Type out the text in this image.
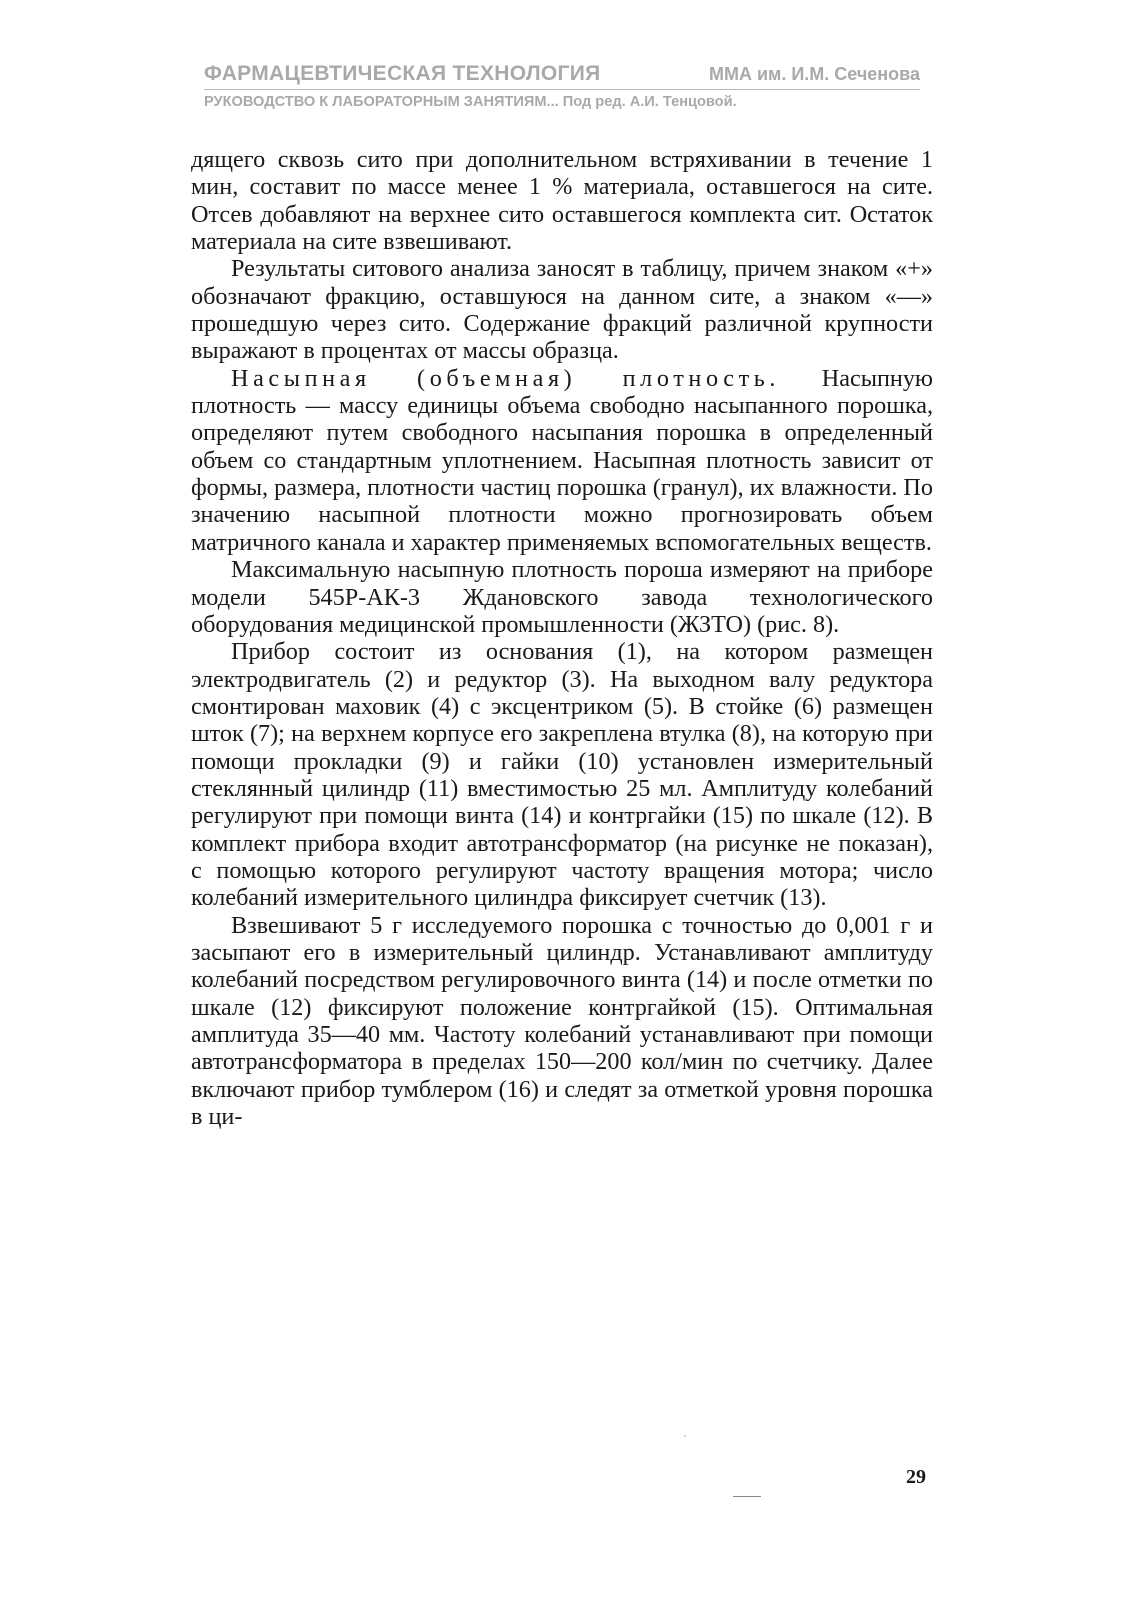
ФАРМАЦЕВТИЧЕСКАЯ ТЕХНОЛОГИЯ	ММА им. И.М. Сеченова
РУКОВОДСТВО К ЛАБОРАТОРНЫМ ЗАНЯТИЯМ... Под ред. А.И. Тенцовой.

дящего сквозь сито при дополнительном встряхивании в течение 1 мин, составит по массе менее 1 % материала, оставшегося на сите. Отсев добавляют на верхнее сито оставшегося комплекта сит. Остаток материала на сите взвешивают.

Результаты ситового анализа заносят в таблицу, причем знаком «+» обозначают фракцию, оставшуюся на данном сите, а знаком «—» прошедшую через сито. Содержание фракций различной крупности выражают в процентах от массы образца.

Насыпная (объемная) плотность. Насыпную плотность — массу единицы объема свободно насыпанного порошка, определяют путем свободного насыпания порошка в определенный объем со стандартным уплотнением. Насыпная плотность зависит от формы, размера, плотности частиц порошка (гранул), их влажности. По значению насыпной плотности можно прогнозировать объем матричного канала и характер применяемых вспомогательных веществ.

Максимальную насыпную плотность пороша измеряют на приборе модели 545Р-АК-3 Ждановского завода технологического оборудования медицинской промышленности (ЖЗТО) (рис. 8).

Прибор состоит из основания (1), на котором размещен электродвигатель (2) и редуктор (3). На выходном валу редуктора смонтирован маховик (4) с эксцентриком (5). В стойке (6) размещен шток (7); на верхнем корпусе его закреплена втулка (8), на которую при помощи прокладки (9) и гайки (10) установлен измерительный стеклянный цилиндр (11) вместимостью 25 мл. Амплитуду колебаний регулируют при помощи винта (14) и контргайки (15) по шкале (12). В комплект прибора входит автотрансформатор (на рисунке не показан), с помощью которого регулируют частоту вращения мотора; число колебаний измерительного цилиндра фиксирует счетчик (13).

Взвешивают 5 г исследуемого порошка с точностью до 0,001 г и засыпают его в измерительный цилиндр. Устанавливают амплитуду колебаний посредством регулировочного винта (14) и после отметки по шкале (12) фиксируют положение контргайкой (15). Оптимальная амплитуда 35—40 мм. Частоту колебаний устанавливают при помощи автотрансформатора в пределах 150—200 кол/мин по счетчику. Далее включают прибор тумблером (16) и следят за отметкой уровня порошка в ци-

29
